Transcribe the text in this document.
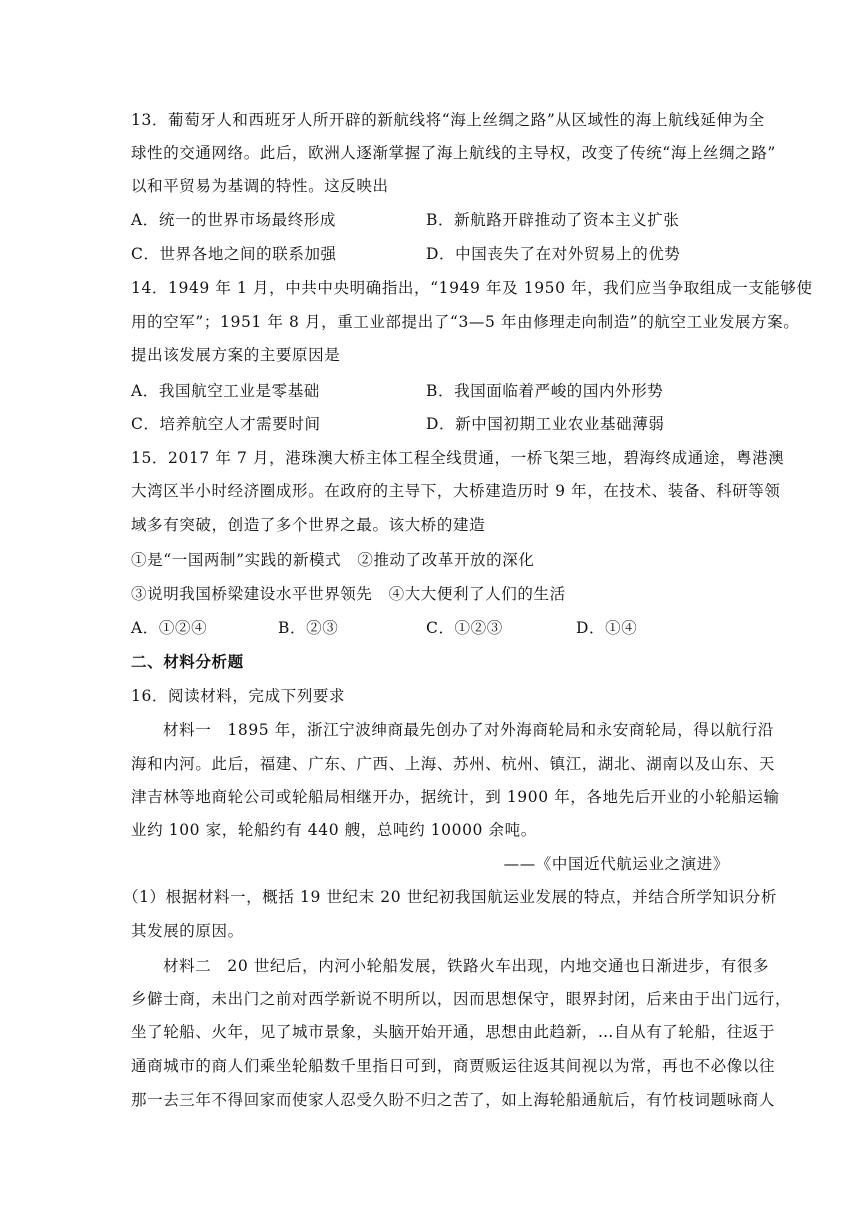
13．葡萄牙人和西班牙人所开辟的新航线将“海上丝绸之路”从区域性的海上航线延伸为全
球性的交通网络。此后，欧洲人逐渐掌握了海上航线的主导权，改变了传统“海上丝绸之路”
以和平贸易为基调的特性。这反映出
A．统一的世界市场最终形成	B．新航路开辟推动了资本主义扩张
C．世界各地之间的联系加强	D．中国丧失了在对外贸易上的优势
14．1949 年 1 月，中共中央明确指出，“1949 年及 1950 年，我们应当争取组成一支能够使
用的空军”；1951 年 8 月，重工业部提出了“3—5 年由修理走向制造”的航空工业发展方案。
提出该发展方案的主要原因是
A．我国航空工业是零基础	B．我国面临着严峻的国内外形势
C．培养航空人才需要时间	D．新中国初期工业农业基础薄弱
15．2017 年 7 月，港珠澳大桥主体工程全线贯通，一桥飞架三地，碧海终成通途，粤港澳
大湾区半小时经济圈成形。在政府的主导下，大桥建造历时 9 年，在技术、装备、科研等领
域多有突破，创造了多个世界之最。该大桥的建造
①是“一国两制”实践的新模式　②推动了改革开放的深化
③说明我国桥梁建设水平世界领先　④大大便利了人们的生活
A．①②④	B．②③	C．①②③	D．①④
二、材料分析题
16．阅读材料，完成下列要求
材料一　1895 年，浙江宁波绅商最先创办了对外海商轮局和永安商轮局，得以航行沿
海和内河。此后，福建、广东、广西、上海、苏州、杭州、镇江，湖北、湖南以及山东、天
津吉林等地商轮公司或轮船局相继开办，据统计，到 1900 年，各地先后开业的小轮船运输
业约 100 家，轮船约有 440 艘，总吨约 10000 余吨。
——《中国近代航运业之演进》
（1）根据材料一，概括 19 世纪末 20 世纪初我国航运业发展的特点，并结合所学知识分析
其发展的原因。
材料二　20 世纪后，内河小轮船发展，铁路火车出现，内地交通也日渐进步，有很多
乡僻士商，未出门之前对西学新说不明所以，因而思想保守，眼界封闭，后来由于出门远行，
坐了轮船、火年，见了城市景象，头脑开始开通，思想由此趋新，…自从有了轮船，往返于
通商城市的商人们乘坐轮船数千里指日可到，商贾贩运往返其间视以为常，再也不必像以往
那一去三年不得回家而使家人忍受久盼不归之苦了，如上海轮船通航后，有竹枝词题咏商人
